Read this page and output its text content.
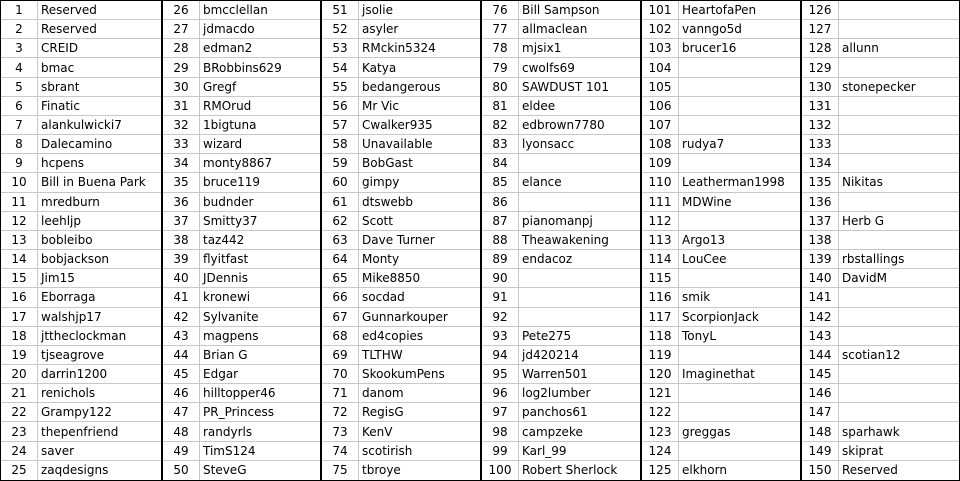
1	Reserved
2	Reserved
3	CREID
4	bmac
5	sbrant
6	Finatic
7	alankulwicki7
8	Dalecamino
9	hcpens
10	Bill in Buena Park
11	mredburn
12	leehljp
13	bobleibo
14	bobjackson
15	Jim15
16	Eborraga
17	walshjp17
18	jttheclockman
19	tjseagrove
20	darrin1200
21	renichols
22	Grampy122
23	thepenfriend
24	saver
25	zaqdesigns
26	bmcclellan
27	jdmacdo
28	edman2
29	BRobbins629
30	Gregf
31	RMOrud
32	1bigtuna
33	wizard
34	monty8867
35	bruce119
36	budnder
37	Smitty37
38	taz442
39	flyitfast
40	JDennis
41	kronewi
42	Sylvanite
43	magpens
44	Brian G
45	Edgar
46	hilltopper46
47	PR_Princess
48	randyrls
49	TimS124
50	SteveG
51	jsolie
52	asyler
53	RMckin5324
54	Katya
55	bedangerous
56	Mr Vic
57	Cwalker935
58	Unavailable
59	BobGast
60	gimpy
61	dtswebb
62	Scott
63	Dave Turner
64	Monty
65	Mike8850
66	socdad
67	Gunnarkouper
68	ed4copies
69	TLTHW
70	SkookumPens
71	danom
72	RegisG
73	KenV
74	scotirish
75	tbroye
76	Bill Sampson
77	allmaclean
78	mjsix1
79	cwolfs69
80	SAWDUST 101
81	eldee
82	edbrown7780
83	lyonsacc
84
85	elance
86
87	pianomanpj
88	Theawakening
89	endacoz
90
91
92
93	Pete275
94	jd420214
95	Warren501
96	log2lumber
97	panchos61
98	campzeke
99	Karl_99
100 Robert Sherlock
101 HeartofaPen
102 vanngo5d
103 brucer16
104
105
106
107
108 rudya7
109
110 Leatherman1998
111 MDWine
112
113 Argo13
114 LouCee
115
116 smik
117 ScorpionJack
118 TonyL
119
120 Imaginethat
121
122
123 greggas
124
125 elkhorn
126
127
128 allunn
129
130 stonepecker
131
132
133
134
135 Nikitas
136
137 Herb G
138
139 rbstallings
140 DavidM
141
142
143
144 scotian12
145
146
147
148 sparhawk
149 skiprat
150 Reserved
